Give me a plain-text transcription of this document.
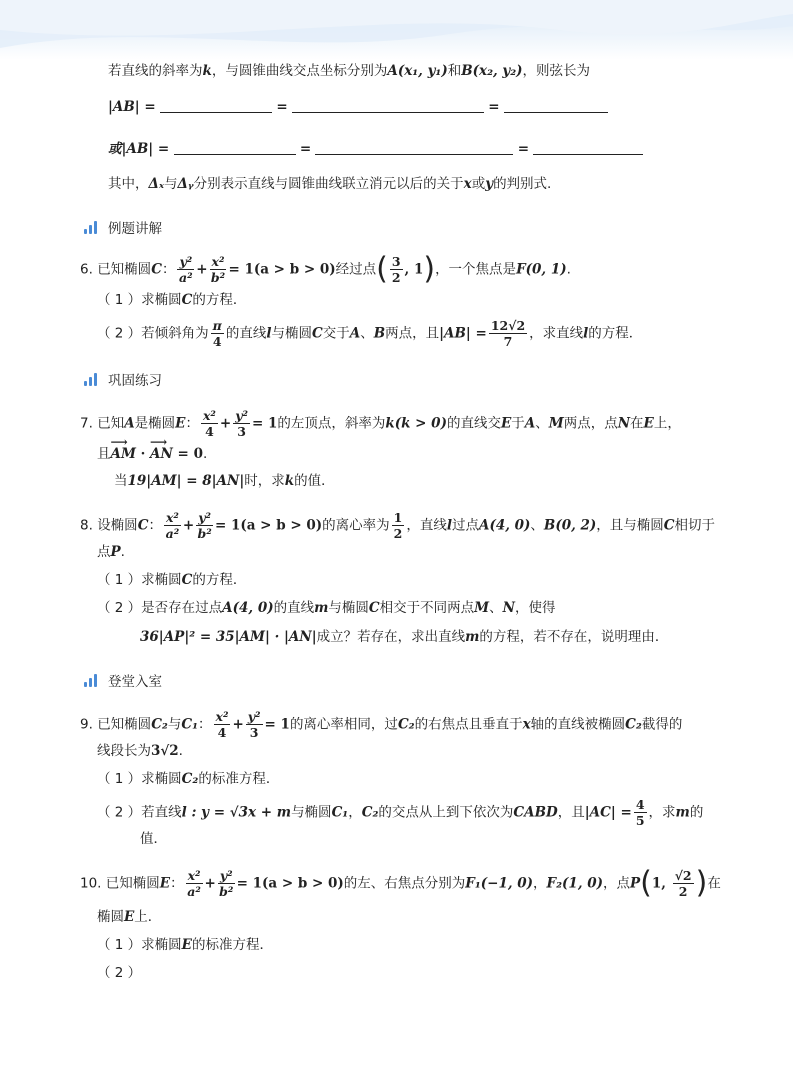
若直线的斜率为k，与圆锥曲线交点坐标分别为A(x₁, y₁)和B(x₂, y₂)，则弦长为
|AB| =	=	=
或|AB| =	=	=
其中，Δₓ与Δᵧ分别表示直线与圆锥曲线联立消元以后的关于x或y的判别式.
例题讲解
6. 已知椭圆C： $\frac{\text{y²}}{\text{a²}} + \frac{\text{x²}}{\text{b²}} = 1(a > b > 0)$经过点( $\frac{3}{2}$ , 1)，一个焦点是F(0, 1).
（ 1 ）求椭圆C的方程．
（ 2 ）若倾斜角为 $\frac{\pi}{4}$ 的直线l与椭圆C交于A、B两点，且$|AB| = \frac{12√2}{7}$ ，求直线l的方程．
巩固练习
7. 已知A是椭圆E： $\frac{\text{x²}}{4} + \frac{\text{y²}}{3} = 1$的左顶点，斜率为k(k > 0)的直线交E于A、M两点，点N在E上，
且⟶ AM · ⟶ AN = 0.
当19|AM| = 8|AN|时，求k的值．
8. 设椭圆C： $\frac{\text{x²}}{\text{a²}} + \frac{\text{y²}}{\text{b²}} = 1(a > b > 0)$的离心率为 $\frac{1}{2}$ ，直线l过点A(4, 0)、B(0, 2)，且与椭圆C相切于
点P.
（ 1 ）求椭圆C的方程．
（ 2 ）是否存在过点A(4, 0)的直线m与椭圆C相交于不同两点M、N，使得
36|AP|² = 35|AM| · |AN|成立？若存在，求出直线m的方程，若不存在，说明理由．
登堂入室
9. 已知椭圆C₂与C₁： $\frac{\text{x²}}{4} + \frac{\text{y²}}{3} = 1$的离心率相同，过C₂的右焦点且垂直于x轴的直线被椭圆C₂截得的
线段长为3√2.
（ 1 ）求椭圆C₂的标准方程．
（ 2 ）若直线l : y = √3x + m与椭圆C₁，C₂的交点从上到下依次为CABD，且$|AC| = \frac{4}{5}$ ，求m的
值．
10. 已知椭圆E： $\frac{\text{x²}}{\text{a²}} + \frac{\text{y²}}{\text{b²}} = 1(a > b > 0)$的左、右焦点分别为F₁(−1, 0)，F₂(1, 0)，点P(1, $\frac{√2}{2}$ )在
椭圆E上．
（ 1 ）求椭圆E的标准方程．
（ 2 ）
